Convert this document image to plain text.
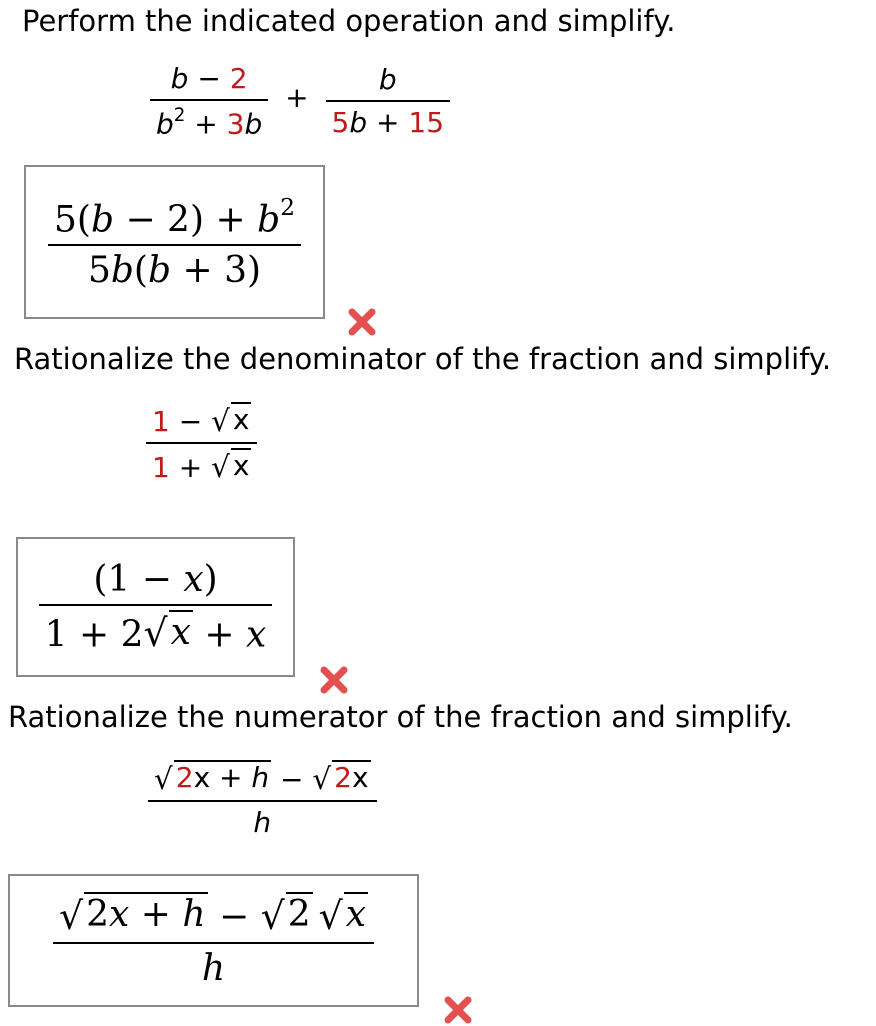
Perform the indicated operation and simplify.
$\frac{b - 2}{b^2 + 3b} + \frac{b}{5b + 15}$
$\frac{5(b - 2) + b^2}{5b(b + 3)}$
Rationalize the denominator of the fraction and simplify.
$\frac{1 - √ x}{1 + √ x}$
$\frac{(1 - x)}{1 + 2 √ x + x}$
Rationalize the numerator of the fraction and simplify.
$\frac{√ 2x + h - √ 2x}{h}$
$\frac{√ 2x + h - √ 2 √ x}{h}$
